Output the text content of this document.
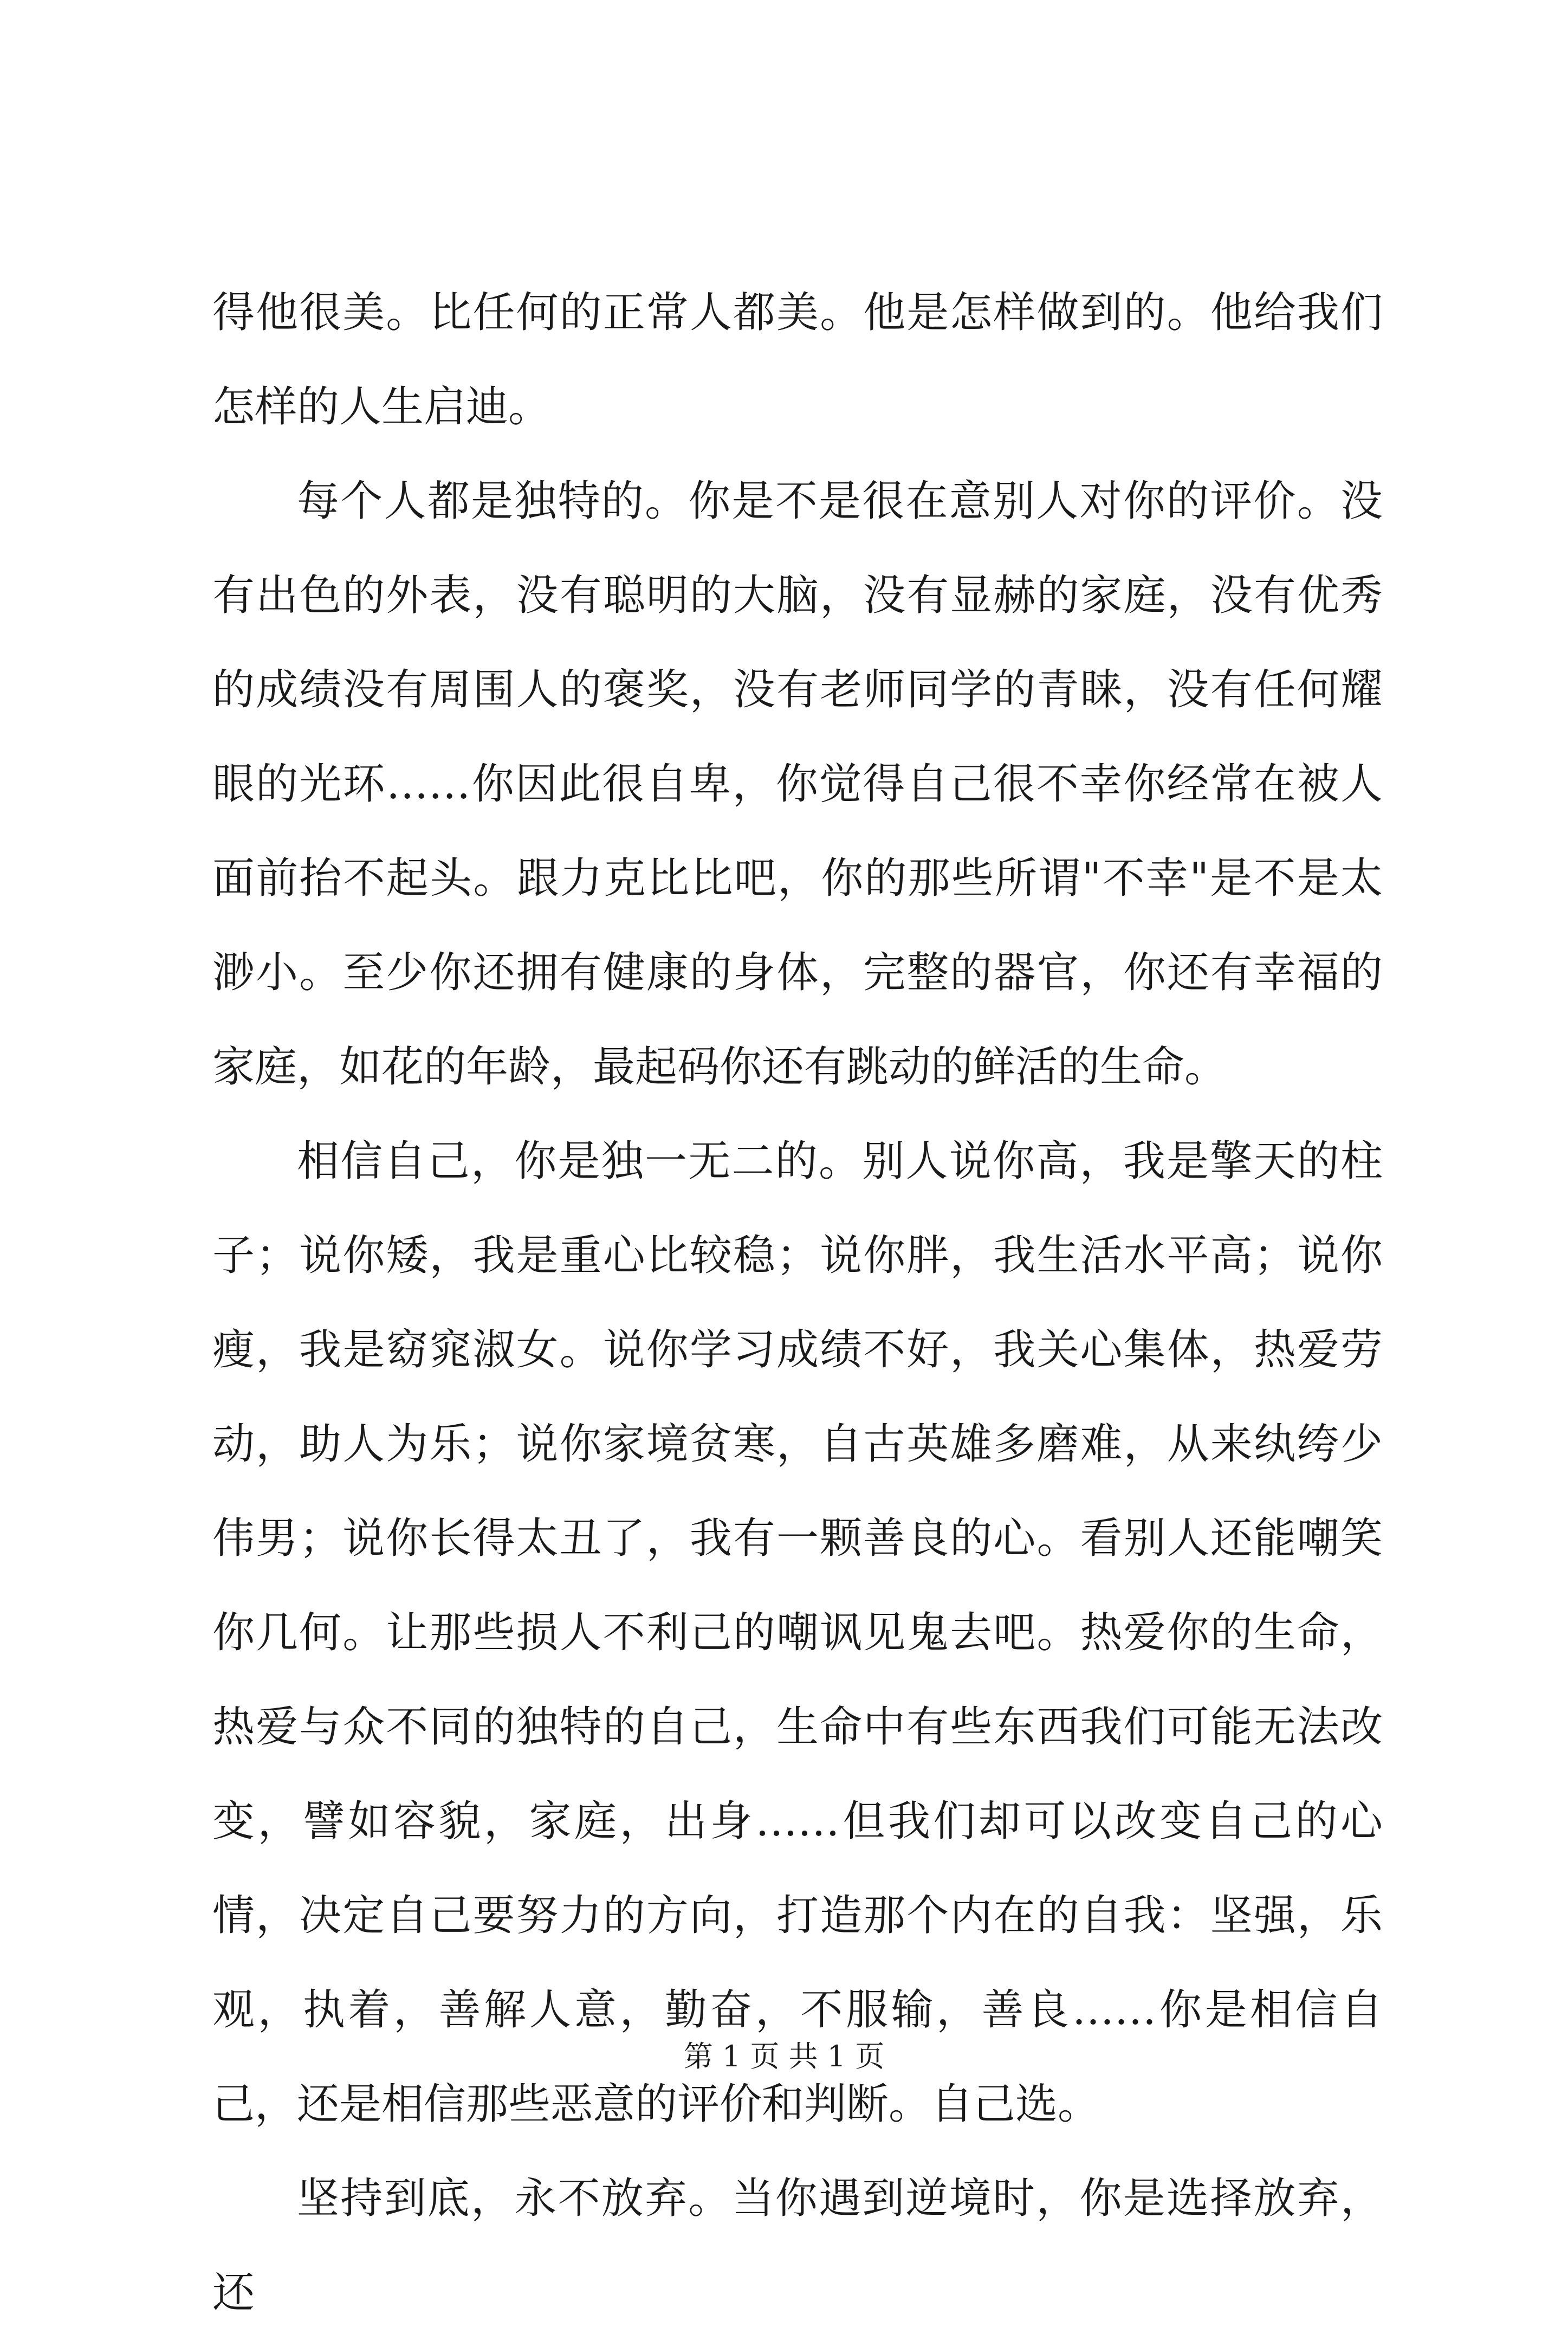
得他很美。比任何的正常人都美。他是怎样做到的。他给我们怎样的人生启迪。

每个人都是独特的。你是不是很在意别人对你的评价。没有出色的外表，没有聪明的大脑，没有显赫的家庭，没有优秀的成绩没有周围人的褒奖，没有老师同学的青睐，没有任何耀眼的光环……你因此很自卑，你觉得自己很不幸你经常在被人面前抬不起头。跟力克比比吧，你的那些所谓"不幸"是不是太渺小。至少你还拥有健康的身体，完整的器官，你还有幸福的家庭，如花的年龄，最起码你还有跳动的鲜活的生命。

相信自己，你是独一无二的。别人说你高，我是擎天的柱子；说你矮，我是重心比较稳；说你胖，我生活水平高；说你瘦，我是窈窕淑女。说你学习成绩不好，我关心集体，热爱劳动，助人为乐；说你家境贫寒，自古英雄多磨难，从来纨绔少伟男；说你长得太丑了，我有一颗善良的心。看别人还能嘲笑你几何。让那些损人不利己的嘲讽见鬼去吧。热爱你的生命，热爱与众不同的独特的自己，生命中有些东西我们可能无法改变，譬如容貌，家庭，出身……但我们却可以改变自己的心情，决定自己要努力的方向，打造那个内在的自我：坚强，乐观，执着，善解人意，勤奋，不服输，善良……你是相信自己，还是相信那些恶意的评价和判断。自己选。

坚持到底，永不放弃。当你遇到逆境时，你是选择放弃，还

第 1 页 共 1 页
